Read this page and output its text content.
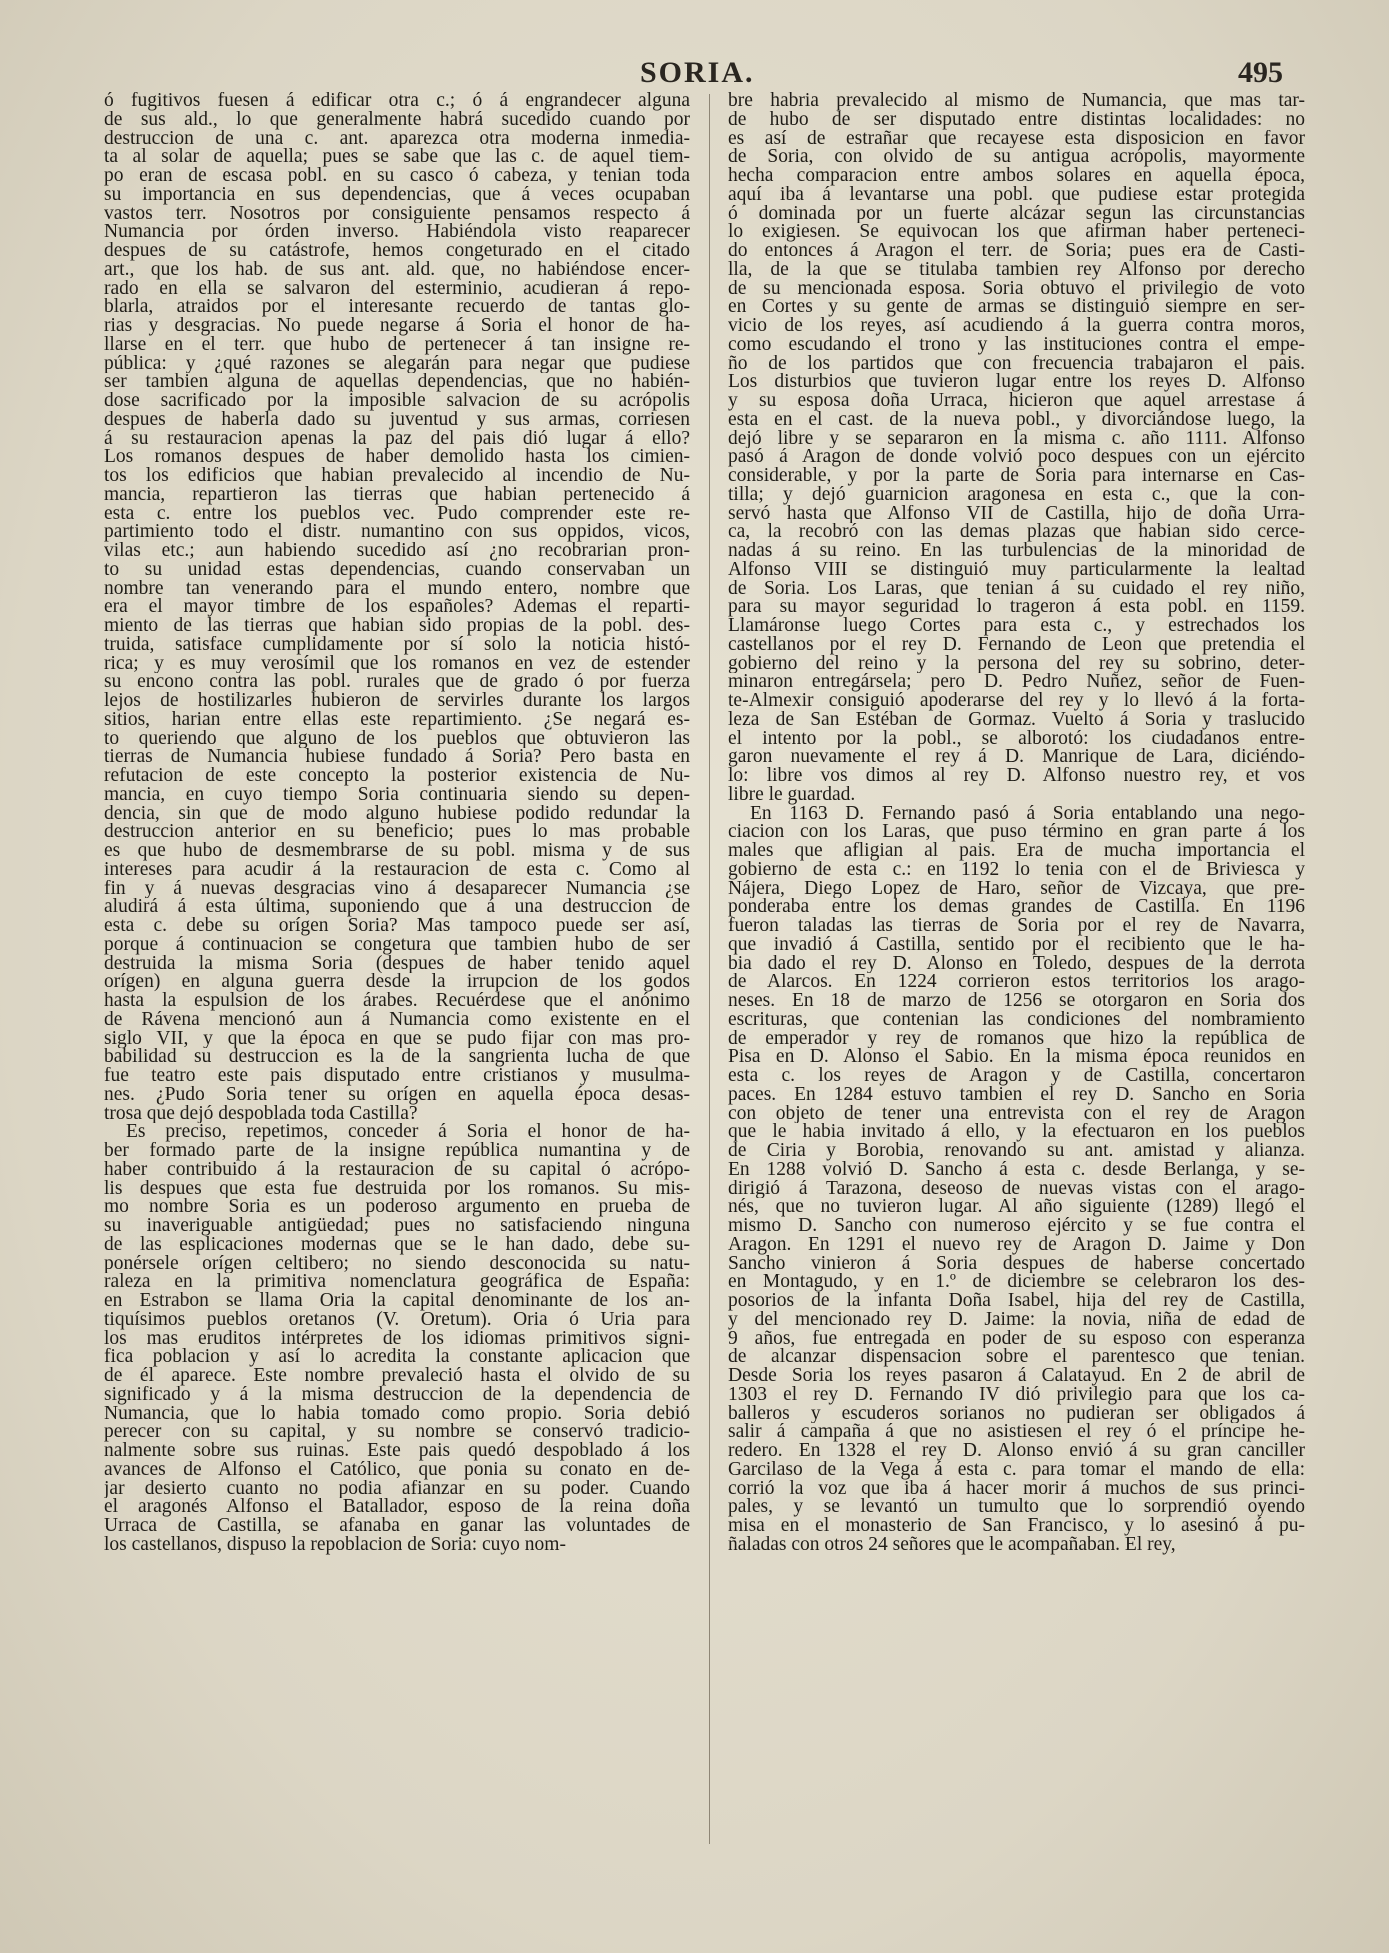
SORIA.	495
ó fugitivos fuesen á edificar otra c.; ó á engrandecer alguna
de sus ald., lo que generalmente habrá sucedido cuando por
destruccion de una c. ant. aparezca otra moderna inmedia-
ta al solar de aquella; pues se sabe que las c. de aquel tiem-
po eran de escasa pobl. en su casco ó cabeza, y tenian toda
su importancia en sus dependencias, que á veces ocupaban
vastos terr. Nosotros por consiguiente pensamos respecto á
Numancia por órden inverso. Habiéndola visto reaparecer
despues de su catástrofe, hemos congeturado en el citado
art., que los hab. de sus ant. ald. que, no habiéndose encer-
rado en ella se salvaron del esterminio, acudieran á repo-
blarla, atraidos por el interesante recuerdo de tantas glo-
rias y desgracias. No puede negarse á Soria el honor de ha-
llarse en el terr. que hubo de pertenecer á tan insigne re-
pública: y ¿qué razones se alegarán para negar que pudiese
ser tambien alguna de aquellas dependencias, que no habién-
dose sacrificado por la imposible salvacion de su acrópolis
despues de haberla dado su juventud y sus armas, corriesen
á su restauracion apenas la paz del pais dió lugar á ello?
Los romanos despues de haber demolido hasta los cimien-
tos los edificios que habian prevalecido al incendio de Nu-
mancia, repartieron las tierras que habian pertenecido á
esta c. entre los pueblos vec. Pudo comprender este re-
partimiento todo el distr. numantino con sus oppidos, vicos,
vilas etc.; aun habiendo sucedido así ¿no recobrarian pron-
to su unidad estas dependencias, cuando conservaban un
nombre tan venerando para el mundo entero, nombre que
era el mayor timbre de los españoles? Ademas el reparti-
miento de las tierras que habian sido propias de la pobl. des-
truida, satisface cumplidamente por sí solo la noticia histó-
rica; y es muy verosímil que los romanos en vez de estender
su encono contra las pobl. rurales que de grado ó por fuerza
lejos de hostilizarles hubieron de servirles durante los largos
sitios, harian entre ellas este repartimiento. ¿Se negará es-
to queriendo que alguno de los pueblos que obtuvieron las
tierras de Numancia hubiese fundado á Soria? Pero basta en
refutacion de este concepto la posterior existencia de Nu-
mancia, en cuyo tiempo Soria continuaria siendo su depen-
dencia, sin que de modo alguno hubiese podido redundar la
destruccion anterior en su beneficio; pues lo mas probable
es que hubo de desmembrarse de su pobl. misma y de sus
intereses para acudir á la restauracion de esta c. Como al
fin y á nuevas desgracias vino á desaparecer Numancia ¿se
aludirá á esta última, suponiendo que á una destruccion de
esta c. debe su orígen Soria? Mas tampoco puede ser así,
porque á continuacion se congetura que tambien hubo de ser
destruida la misma Soria (despues de haber tenido aquel
orígen) en alguna guerra desde la irrupcion de los godos
hasta la espulsion de los árabes. Recuérdese que el anónimo
de Rávena mencionó aun á Numancia como existente en el
siglo VII, y que la época en que se pudo fijar con mas pro-
babilidad su destruccion es la de la sangrienta lucha de que
fue teatro este pais disputado entre cristianos y musulma-
nes. ¿Pudo Soria tener su orígen en aquella época desas-
trosa que dejó despoblada toda Castilla?
Es preciso, repetimos, conceder á Soria el honor de ha-
ber formado parte de la insigne república numantina y de
haber contribuido á la restauracion de su capital ó acrópo-
lis despues que esta fue destruida por los romanos. Su mis-
mo nombre Soria es un poderoso argumento en prueba de
su inaveriguable antigüedad; pues no satisfaciendo ninguna
de las esplicaciones modernas que se le han dado, debe su-
ponérsele orígen celtibero; no siendo desconocida su natu-
raleza en la primitiva nomenclatura geográfica de España:
en Estrabon se llama Oria la capital denominante de los an-
tiquísimos pueblos oretanos (V. Oretum). Oria ó Uria para
los mas eruditos intérpretes de los idiomas primitivos signi-
fica poblacion y así lo acredita la constante aplicacion que
de él aparece. Este nombre prevaleció hasta el olvido de su
significado y á la misma destruccion de la dependencia de
Numancia, que lo habia tomado como propio. Soria debió
perecer con su capital, y su nombre se conservó tradicio-
nalmente sobre sus ruinas. Este pais quedó despoblado á los
avances de Alfonso el Católico, que ponia su conato en de-
jar desierto cuanto no podia afianzar en su poder. Cuando
el aragonés Alfonso el Batallador, esposo de la reina doña
Urraca de Castilla, se afanaba en ganar las voluntades de
los castellanos, dispuso la repoblacion de Soria: cuyo nom-
bre habria prevalecido al mismo de Numancia, que mas tar-
de hubo de ser disputado entre distintas localidades: no
es así de estrañar que recayese esta disposicion en favor
de Soria, con olvido de su antigua acrópolis, mayormente
hecha comparacion entre ambos solares en aquella época,
aquí iba á levantarse una pobl. que pudiese estar protegida
ó dominada por un fuerte alcázar segun las circunstancias
lo exigiesen. Se equivocan los que afirman haber perteneci-
do entonces á Aragon el terr. de Soria; pues era de Casti-
lla, de la que se titulaba tambien rey Alfonso por derecho
de su mencionada esposa. Soria obtuvo el privilegio de voto
en Cortes y su gente de armas se distinguió siempre en ser-
vicio de los reyes, así acudiendo á la guerra contra moros,
como escudando el trono y las instituciones contra el empe-
ño de los partidos que con frecuencia trabajaron el pais.
Los disturbios que tuvieron lugar entre los reyes D. Alfonso
y su esposa doña Urraca, hicieron que aquel arrestase á
esta en el cast. de la nueva pobl., y divorciándose luego, la
dejó libre y se separaron en la misma c. año 1111. Alfonso
pasó á Aragon de donde volvió poco despues con un ejército
considerable, y por la parte de Soria para internarse en Cas-
tilla; y dejó guarnicion aragonesa en esta c., que la con-
servó hasta que Alfonso VII de Castilla, hijo de doña Urra-
ca, la recobró con las demas plazas que habian sido cerce-
nadas á su reino. En las turbulencias de la minoridad de
Alfonso VIII se distinguió muy particularmente la lealtad
de Soria. Los Laras, que tenian á su cuidado el rey niño,
para su mayor seguridad lo trageron á esta pobl. en 1159.
Llamáronse luego Cortes para esta c., y estrechados los
castellanos por el rey D. Fernando de Leon que pretendia el
gobierno del reino y la persona del rey su sobrino, deter-
minaron entregársela; pero D. Pedro Nuñez, señor de Fuen-
te-Almexir consiguió apoderarse del rey y lo llevó á la forta-
leza de San Estéban de Gormaz. Vuelto á Soria y traslucido
el intento por la pobl., se alborotó: los ciudadanos entre-
garon nuevamente el rey á D. Manrique de Lara, diciéndo-
lo: libre vos dimos al rey D. Alfonso nuestro rey, et vos
libre le guardad.
En 1163 D. Fernando pasó á Soria entablando una nego-
ciacion con los Laras, que puso término en gran parte á los
males que afligian al pais. Era de mucha importancia el
gobierno de esta c.: en 1192 lo tenia con el de Briviesca y
Nájera, Diego Lopez de Haro, señor de Vizcaya, que pre-
ponderaba entre los demas grandes de Castilla. En 1196
fueron taladas las tierras de Soria por el rey de Navarra,
que invadió á Castilla, sentido por el recibiento que le ha-
bia dado el rey D. Alonso en Toledo, despues de la derrota
de Alarcos. En 1224 corrieron estos territorios los arago-
neses. En 18 de marzo de 1256 se otorgaron en Soria dos
escrituras, que contenian las condiciones del nombramiento
de emperador y rey de romanos que hizo la república de
Pisa en D. Alonso el Sabio. En la misma época reunidos en
esta c. los reyes de Aragon y de Castilla, concertaron
paces. En 1284 estuvo tambien el rey D. Sancho en Soria
con objeto de tener una entrevista con el rey de Aragon
que le habia invitado á ello, y la efectuaron en los pueblos
de Ciria y Borobia, renovando su ant. amistad y alianza.
En 1288 volvió D. Sancho á esta c. desde Berlanga, y se-
dirigió á Tarazona, deseoso de nuevas vistas con el arago-
nés, que no tuvieron lugar. Al año siguiente (1289) llegó el
mismo D. Sancho con numeroso ejército y se fue contra el
Aragon. En 1291 el nuevo rey de Aragon D. Jaime y Don
Sancho vinieron á Soria despues de haberse concertado
en Montagudo, y en 1.º de diciembre se celebraron los des-
posorios de la infanta Doña Isabel, hija del rey de Castilla,
y del mencionado rey D. Jaime: la novia, niña de edad de
9 años, fue entregada en poder de su esposo con esperanza
de alcanzar dispensacion sobre el parentesco que tenian.
Desde Soria los reyes pasaron á Calatayud. En 2 de abril de
1303 el rey D. Fernando IV dió privilegio para que los ca-
balleros y escuderos sorianos no pudieran ser obligados á
salir á campaña á que no asistiesen el rey ó el príncipe he-
redero. En 1328 el rey D. Alonso envió á su gran canciller
Garcilaso de la Vega á esta c. para tomar el mando de ella:
corrió la voz que iba á hacer morir á muchos de sus princi-
pales, y se levantó un tumulto que lo sorprendió oyendo
misa en el monasterio de San Francisco, y lo asesinó á pu-
ñaladas con otros 24 señores que le acompañaban. El rey,
